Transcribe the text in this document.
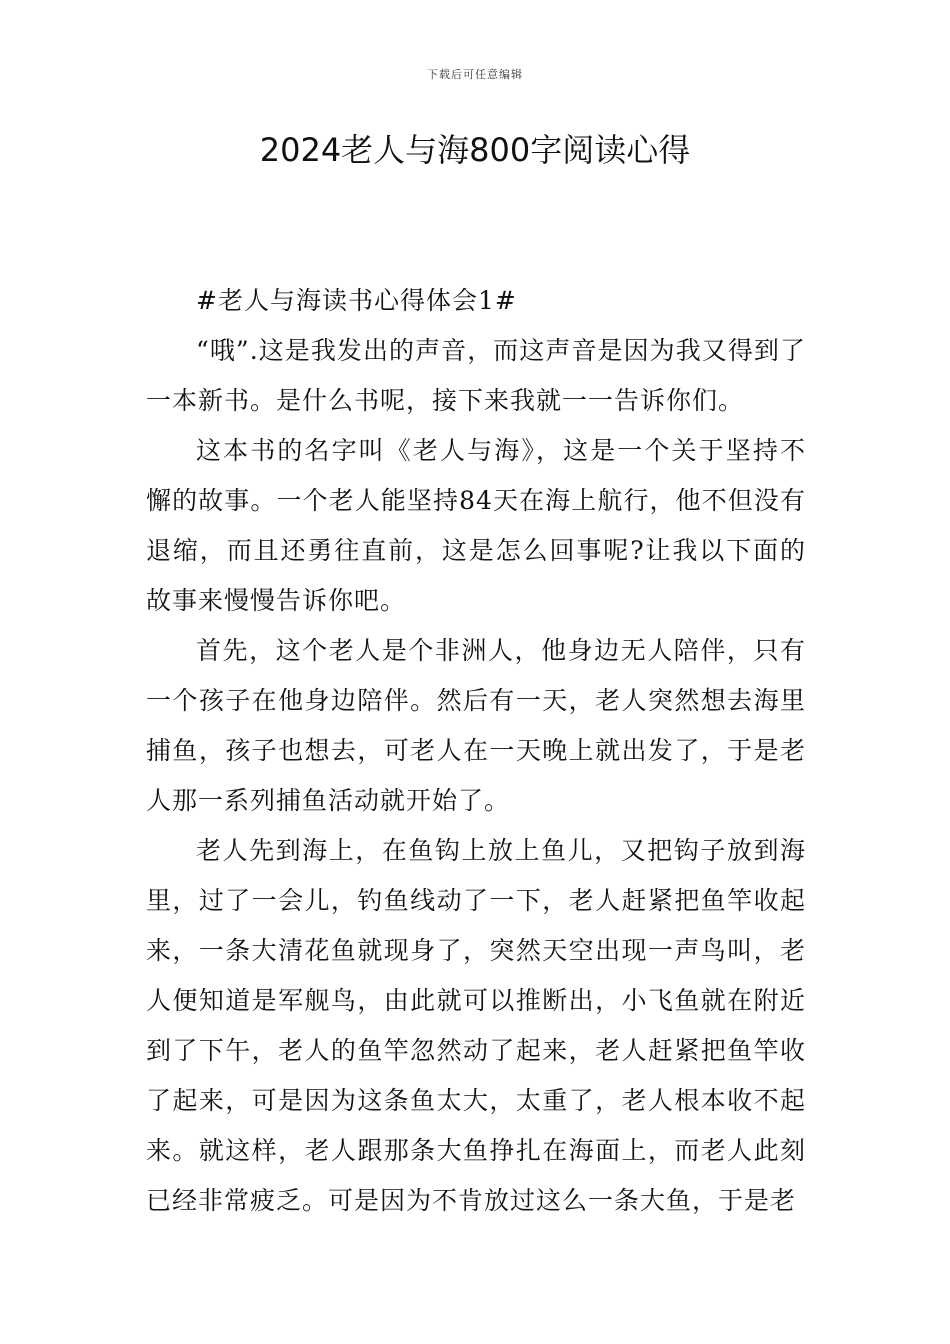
下载后可任意编辑
2024老人与海800字阅读心得

#老人与海读书心得体会1#

“哦”.这是我发出的声音，而这声音是因为我又得到了一本新书。是什么书呢，接下来我就一一告诉你们。

这本书的名字叫《老人与海》，这是一个关于坚持不懈的故事。一个老人能坚持84天在海上航行，他不但没有退缩，而且还勇往直前，这是怎么回事呢?让我以下面的故事来慢慢告诉你吧。

首先，这个老人是个非洲人，他身边无人陪伴，只有一个孩子在他身边陪伴。然后有一天，老人突然想去海里捕鱼，孩子也想去，可老人在一天晚上就出发了，于是老人那一系列捕鱼活动就开始了。

老人先到海上，在鱼钩上放上鱼儿，又把钩子放到海里，过了一会儿，钓鱼线动了一下，老人赶紧把鱼竿收起来，一条大清花鱼就现身了，突然天空出现一声鸟叫，老人便知道是军舰鸟，由此就可以推断出，小飞鱼就在附近到了下午，老人的鱼竿忽然动了起来，老人赶紧把鱼竿收了起来，可是因为这条鱼太大，太重了，老人根本收不起来。就这样，老人跟那条大鱼挣扎在海面上，而老人此刻已经非常疲乏。可是因为不肯放过这么一条大鱼，于是老
